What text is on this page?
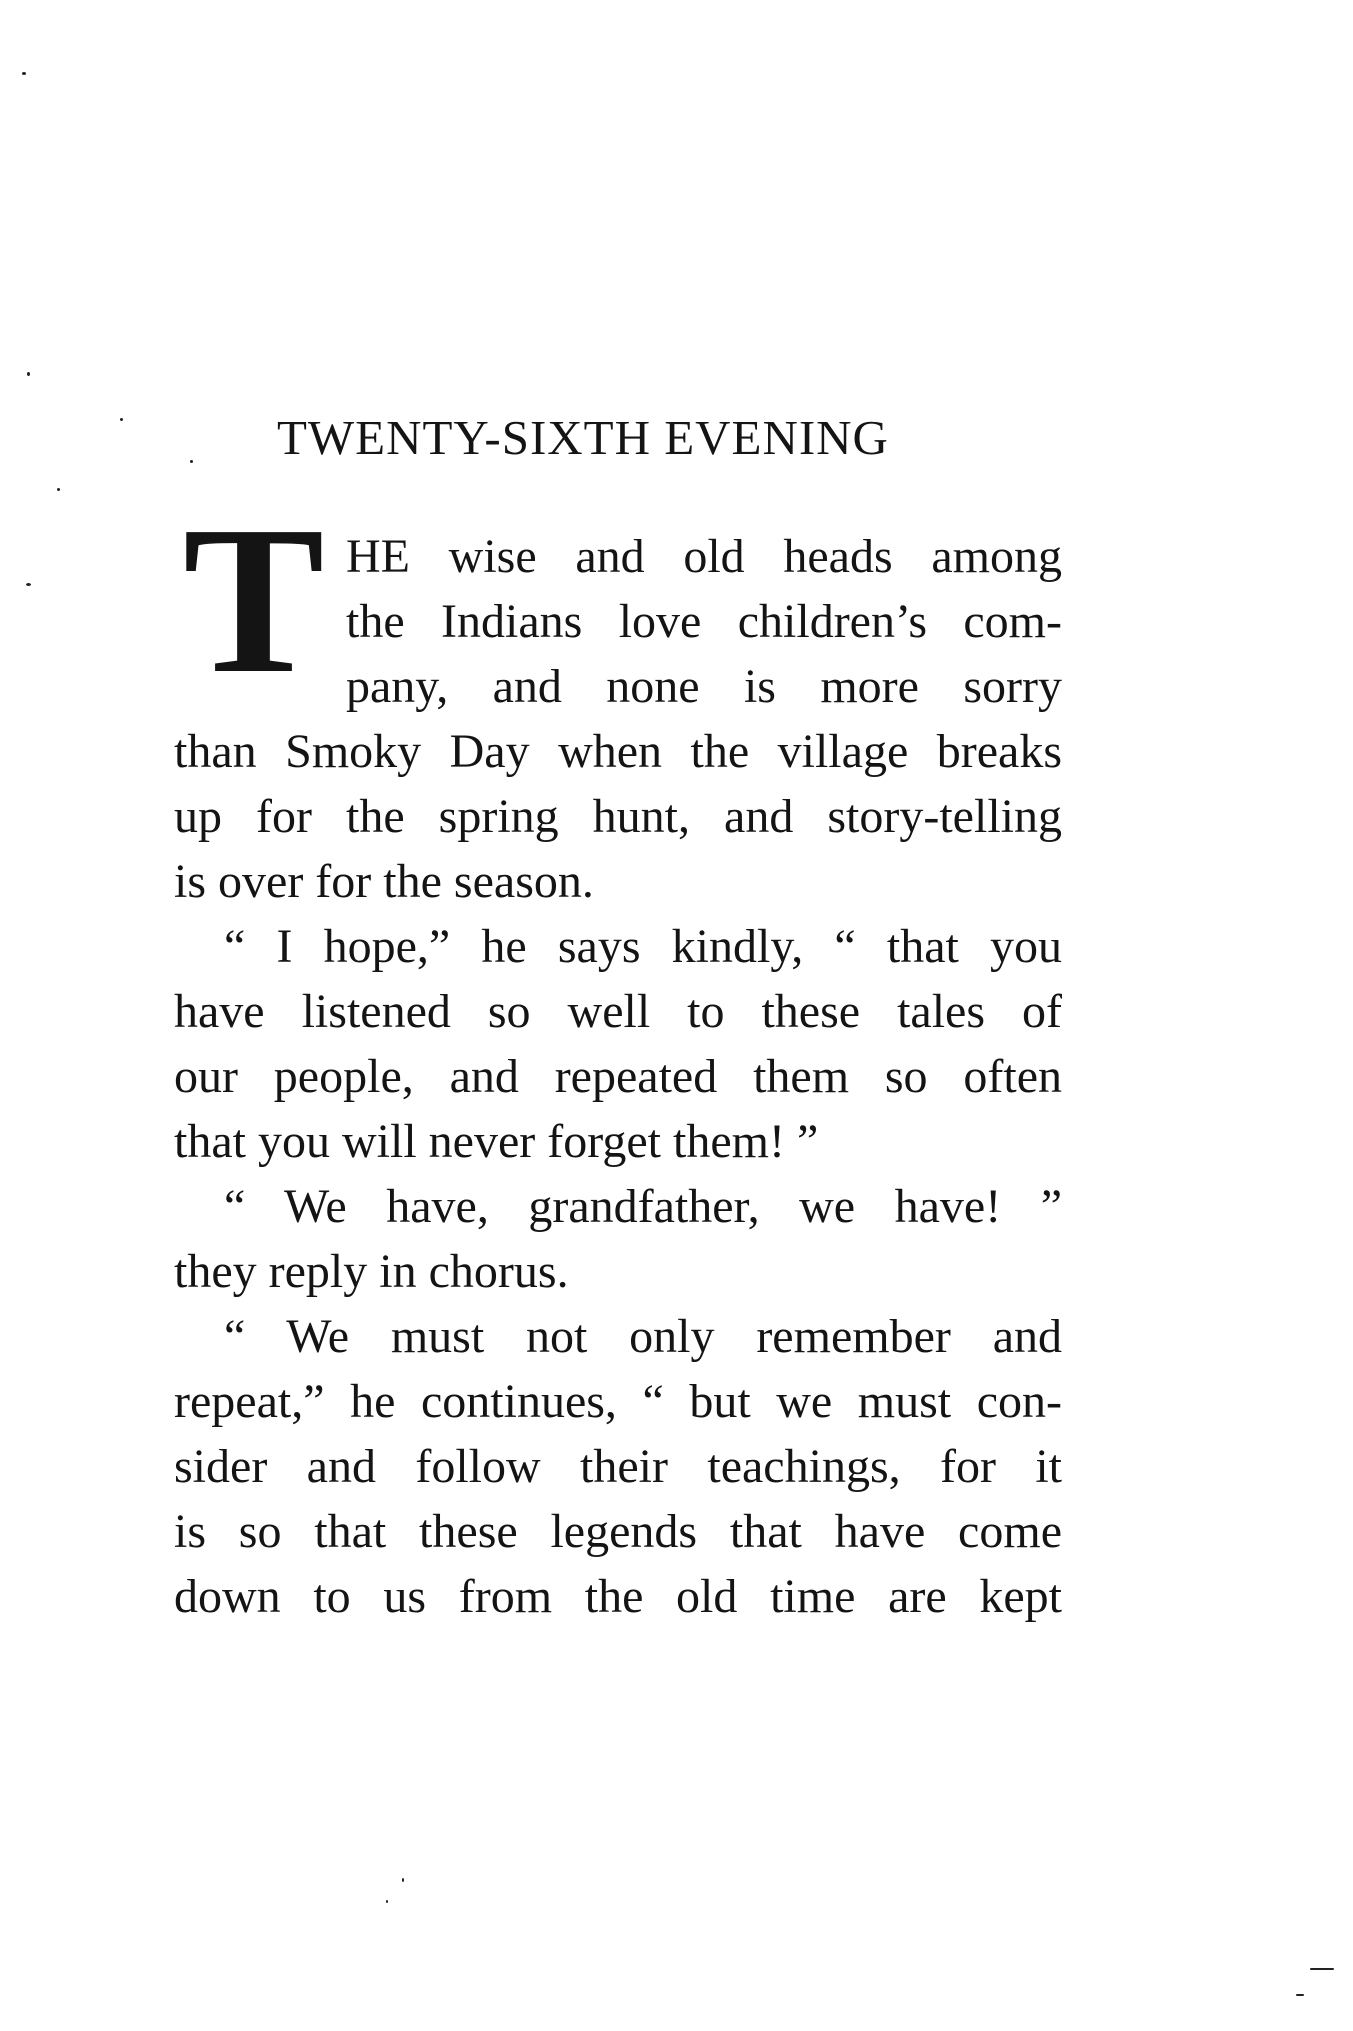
TWENTY-SIXTH EVENING
T HE wise and old heads among
the Indians love children’s com-
pany, and none is more sorry
than Smoky Day when the village breaks
up for the spring hunt, and story-telling
is over for the season.
“ I hope,” he says kindly, “ that you
have listened so well to these tales of
our people, and repeated them so often
that you will never forget them! ”
“ We have, grandfather, we have! ”
they reply in chorus.
“ We must not only remember and
repeat,” he continues, “ but we must con-
sider and follow their teachings, for it
is so that these legends that have come
down to us from the old time are kept
